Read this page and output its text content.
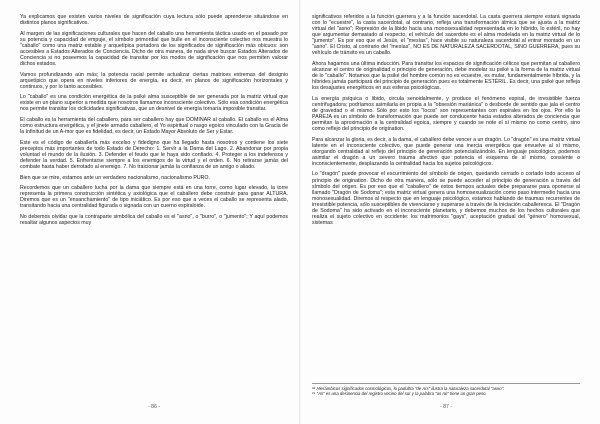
Ya explicamos que existen varios niveles de significación cuya lectura sólo puede aprenderse situándose en distintos planos significativos.

Al margen de las significaciones culturales que hacen del caballo una herramienta táctica usado en el pasado por su potencia y capacidad de empuje, el símbolo primordial que bulle en el inconsciente colectivo nos muestra lo "caballo" como una matriz estable y arquetípica portadora de los significados de significación más obicuos: son accesibles a Estados Alterados de Conciencia. Dicho de otra manera, de nada sirve buscar Estados Alterados de Conciencia si no poseemos la capacidad de transitar por los modos de significación que nos permiten valorar dichos estados.

Vamos profundizando aún más; la potencia racial permite actualizar ciertas matrices extremas del designio arquetípico que opera en niveles inferiores de energía, es decir, en planos de significación horizontales y continuos, y por lo tanto accesibles.

Lo "caballo" es una condición energética de la psiké alma susceptible de ser generada por la matriz virtual que existe en un plano superior a medida que nosotros llamamos inconsciente colectivo. Sólo esa condición energética nos permite transitar los ciclicidades significativas, que un desnivel de energía tornaría imposible transitar.

El caballo es la herramienta del caballero, para ser caballero hay que DOMINAR al caballo. El caballo es el Alma como estructura energética, y el jinete armado caballero, el Yo espiritual o rasgo egoico vinculado con la Gracia de la Infinitud de un A-mor que es fidelidad, es decir, un Estado Mayor Absoluto de Ser y Estar.

Este es el código de caballería más excelso y fidedigno que ha llegado hasta nosotros y contiene los siete preceptos más importantes de todo Estado de Derecho: 1. Servir a la Dama del Lago. 2. Abandonar por propia voluntad el mundo de la ilusión. 3. Defender el feudo que le haya sido confiado. 4. Proteger a los indefensos y defender la verdad. 5. Enfrentarse siempre a los enemigos de la virtud y el orden. 6. No retirarse jamás del combate hasta haber derrotado al enemigo. 7. No traicionar jamás la confianza de un amigo o aliado.

Bien que se mire, estamos ante un verdadero nacionalismo, nacionalismo PURO.

Recordemos que un caballero lucha por la dama que siempre está en una torre, como lugar elevado, la torre representa la primera construcción sintética y axiológica que el caballero debe construir para ganar ALTURA. Diremos que es un "ensanchamiento" de tipo iniciático. Es por eso que a veces el caballo se representa alado, transitando hacia una centralidad figurada o signada con un cuerno espiraloide.

No debemos olvidar que la contraparte simbólica del caballo es el "asno", o "burro", o "jumento"; Y aquí podemos resaltar algunos aspectos muy

- 86 -

significativos referidos a la función guerrera y a la función sacerdotal. La casta guerrera siempre estará signada con lo "ecuestre", la casta sacerdotal, al contrario, refleja una transformación álmica que se ajusta a la matriz virtual del "asno"; Represión de la libido hacia una monosexualidad representada en lo híbrido, lo estéril, no hay que argumentar demasiado al respecto, el vehículo del sacerdote es el alma modelada en la matriz virtual de lo "jumento". Es por eso que el Jesús, el "mesías", hace visible su naturaleza sacerdotal al entrar montado en un "asno". El Cristo, al contrario del "mesías", NO ES DE NATURALEZA SACERDOTAL, SINO GUERRERA, pues su vehículo de tránsito es un caballo.

Ahora hagamos una última inducción. Para transitar los espacios de significación célicos que permitan al caballero alcanzar el centro de originalidad o principio de generación, debe modelar su psiké a la forma de la matriz virtual de lo "caballo". Notamos que la psiké del hombre común no es ecuestre, es mular, fundamentalmente híbrida, y la híbrides jamás participará del principio de generación pues es totalmente ESTÉRIL. Es decir, una psiké que refleja los desajustes energéticos en sus esferas psicológicas.

La energía psíquica o libido, circula senoidalmente, y produce el fenómeno espiral, de irresistible fuerza centrífugadora; podríamos asimilarla en propia a la "obsesión mariánica" o desborde de sentido que jala el centro de gravedad o el mismo. Sólo por esto los "locos" son representantes con espirales en los ojos. Por ello la PAREJA es un símbolo de transformación que puede ser conducente hacia estados alterados de conciencia que permitan la aproximación a la centralidad egoica, siempre y cuando se note el sí mismo no como centro, sino como reflejo del principio de origination.

Para alcanzar la gloria, es decir, a la dama, el caballero debe vencer a un dragón. Lo "dragón" es una matriz virtual latente en el inconsciente colectivo, que puede generar una inercia energética que envuelve al sí mismo, otorgando centralidad al reflejo del principio de generación potencializándolo. En lenguaje psicológico, podemos asimilar el dragón a un severo trauma afectivo que potencia el esquema de sí mismo, consiente o inconscientemente, desplazando la centralidad hacia los sujetos psicológicos.

Lo "dragón" puede provocar el escurrimiento del símbolo de origen, quedando cerrado o cortado todo acceso al principio de origination. Dicho de otra manera, sólo se puede acceder al principio de generación a través del símbolo del origen. Es por eso que el "caballero" de estos tiempos actuales debe prepararse para oponerse al llamado "Dragón de Sodoma"; esta matriz virtual genera una homosexualización como paso intermedio hacia una monosexualidad. Diremos al respecto que en lenguaje psicológico, estamos hablando de traumas recurrentes de irresistible potencia, sólo susceptibles de vivenciarse y superarse a través de la iniciación caballeresca. El "Dragón de Sodoma" ha sido activado en el inconsciente planetario, y debemos muchos de los hechos culturales que realiza el sujeto colectivo en occidente: los matrimonios "gays", aceptación gradual del "género" homosexual, sistemas

¹⁸ Hierámbicos significados cosmológicos, lo padultra "de Ars" ilustra la naturaleza sacerdotal "asno".

¹⁹ "As" es una desinencia del registro vecino del sur y la palabra "as no" tiene un gran peso.

- 87 -
